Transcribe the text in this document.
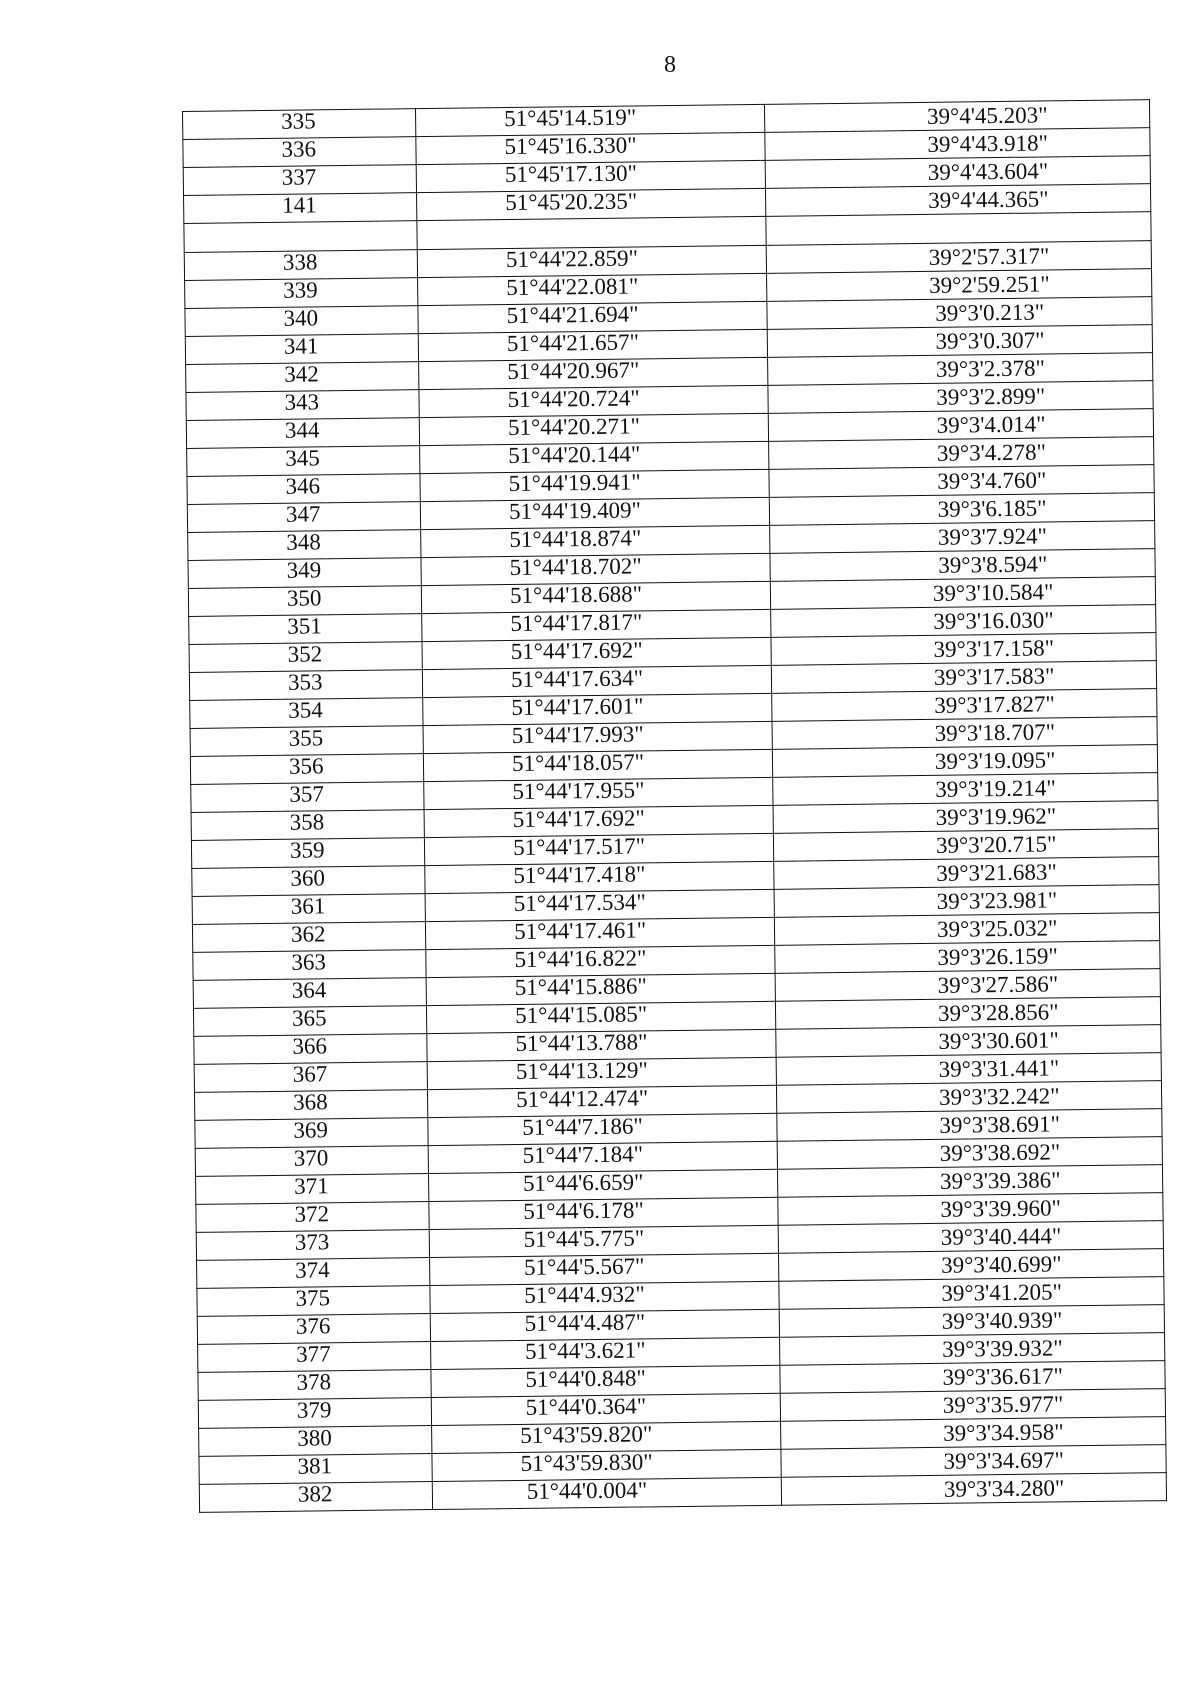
8
335	51°45'14.519"	39°4'45.203"
336	51°45'16.330"	39°4'43.918"
337	51°45'17.130"	39°4'43.604"
141	51°45'20.235"	39°4'44.365"

338	51°44'22.859"	39°2'57.317"
339	51°44'22.081"	39°2'59.251"
340	51°44'21.694"	39°3'0.213"
341	51°44'21.657"	39°3'0.307"
342	51°44'20.967"	39°3'2.378"
343	51°44'20.724"	39°3'2.899"
344	51°44'20.271"	39°3'4.014"
345	51°44'20.144"	39°3'4.278"
346	51°44'19.941"	39°3'4.760"
347	51°44'19.409"	39°3'6.185"
348	51°44'18.874"	39°3'7.924"
349	51°44'18.702"	39°3'8.594"
350	51°44'18.688"	39°3'10.584"
351	51°44'17.817"	39°3'16.030"
352	51°44'17.692"	39°3'17.158"
353	51°44'17.634"	39°3'17.583"
354	51°44'17.601"	39°3'17.827"
355	51°44'17.993"	39°3'18.707"
356	51°44'18.057"	39°3'19.095"
357	51°44'17.955"	39°3'19.214"
358	51°44'17.692"	39°3'19.962"
359	51°44'17.517"	39°3'20.715"
360	51°44'17.418"	39°3'21.683"
361	51°44'17.534"	39°3'23.981"
362	51°44'17.461"	39°3'25.032"
363	51°44'16.822"	39°3'26.159"
364	51°44'15.886"	39°3'27.586"
365	51°44'15.085"	39°3'28.856"
366	51°44'13.788"	39°3'30.601"
367	51°44'13.129"	39°3'31.441"
368	51°44'12.474"	39°3'32.242"
369	51°44'7.186"	39°3'38.691"
370	51°44'7.184"	39°3'38.692"
371	51°44'6.659"	39°3'39.386"
372	51°44'6.178"	39°3'39.960"
373	51°44'5.775"	39°3'40.444"
374	51°44'5.567"	39°3'40.699"
375	51°44'4.932"	39°3'41.205"
376	51°44'4.487"	39°3'40.939"
377	51°44'3.621"	39°3'39.932"
378	51°44'0.848"	39°3'36.617"
379	51°44'0.364"	39°3'35.977"
380	51°43'59.820"	39°3'34.958"
381	51°43'59.830"	39°3'34.697"
382	51°44'0.004"	39°3'34.280"
